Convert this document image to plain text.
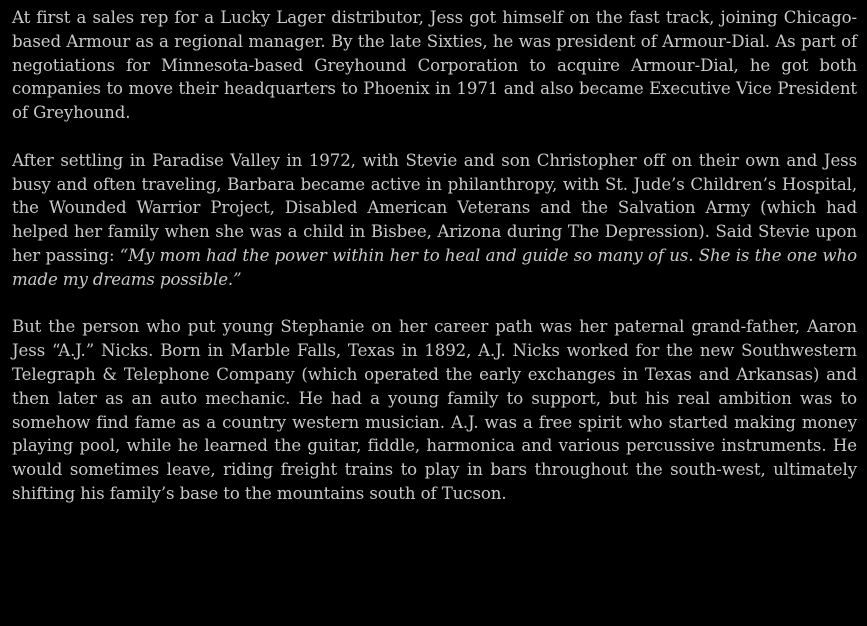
At first a sales rep for a Lucky Lager distributor, Jess got himself on the fast track, joining Chicago-based Armour as a regional manager. By the late Sixties, he was president of Armour-Dial. As part of negotiations for Minnesota-based Greyhound Corporation to acquire Armour-Dial, he got both companies to move their headquarters to Phoenix in 1971 and also became Executive Vice President of Greyhound.

After settling in Paradise Valley in 1972, with Stevie and son Christopher off on their own and Jess busy and often traveling, Barbara became active in philanthropy, with St. Jude’s Children’s Hospital, the Wounded Warrior Project, Disabled American Veterans and the Salvation Army (which had helped her family when she was a child in Bisbee, Arizona during The Depression). Said Stevie upon her passing: “My mom had the power within her to heal and guide so many of us. She is the one who made my dreams possible.”

But the person who put young Stephanie on her career path was her paternal grand-father, Aaron Jess “A.J.” Nicks. Born in Marble Falls, Texas in 1892, A.J. Nicks worked for the new Southwestern Telegraph & Telephone Company (which operated the early exchanges in Texas and Arkansas) and then later as an auto mechanic. He had a young family to support, but his real ambition was to somehow find fame as a country western musician. A.J. was a free spirit who started making money playing pool, while he learned the guitar, fiddle, harmonica and various percussive instruments. He would sometimes leave, riding freight trains to play in bars throughout the south-west, ultimately shifting his family’s base to the mountains south of Tucson.
